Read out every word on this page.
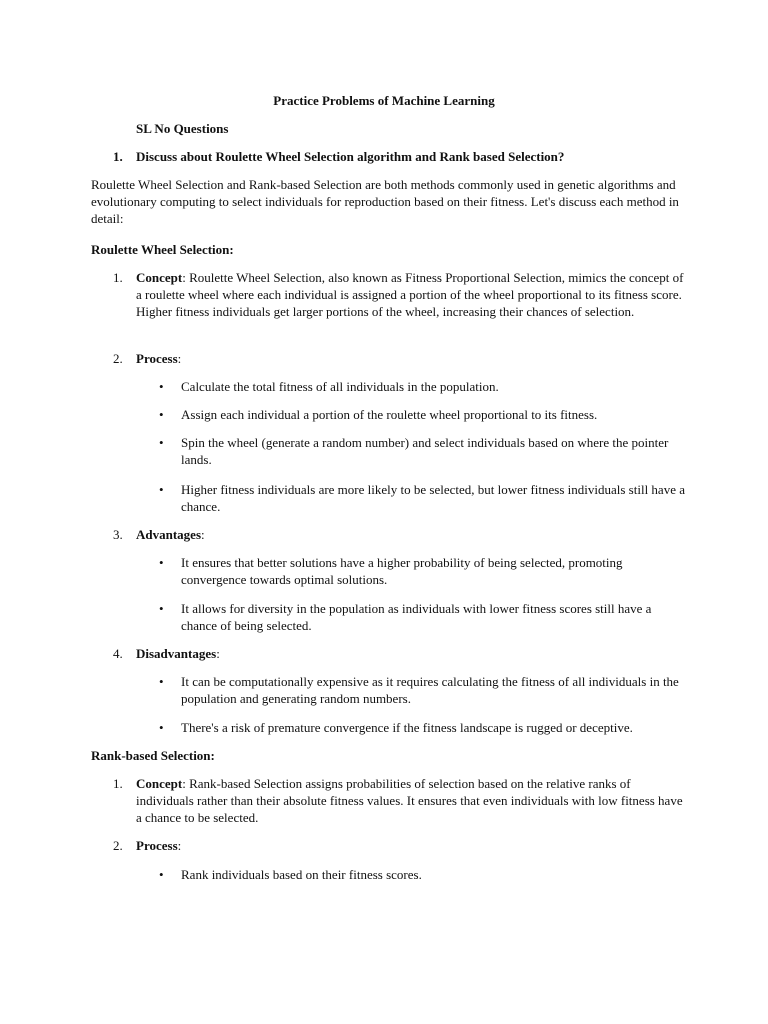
Practice Problems of Machine Learning
SL No Questions
1. Discuss about Roulette Wheel Selection algorithm and Rank based Selection?
Roulette Wheel Selection and Rank-based Selection are both methods commonly used in genetic algorithms and evolutionary computing to select individuals for reproduction based on their fitness. Let's discuss each method in detail:
Roulette Wheel Selection:
1. Concept: Roulette Wheel Selection, also known as Fitness Proportional Selection, mimics the concept of a roulette wheel where each individual is assigned a portion of the wheel proportional to its fitness score. Higher fitness individuals get larger portions of the wheel, increasing their chances of selection.
2. Process:
• Calculate the total fitness of all individuals in the population.
• Assign each individual a portion of the roulette wheel proportional to its fitness.
• Spin the wheel (generate a random number) and select individuals based on where the pointer lands.
• Higher fitness individuals are more likely to be selected, but lower fitness individuals still have a chance.
3. Advantages:
• It ensures that better solutions have a higher probability of being selected, promoting convergence towards optimal solutions.
• It allows for diversity in the population as individuals with lower fitness scores still have a chance of being selected.
4. Disadvantages:
• It can be computationally expensive as it requires calculating the fitness of all individuals in the population and generating random numbers.
• There's a risk of premature convergence if the fitness landscape is rugged or deceptive.
Rank-based Selection:
1. Concept: Rank-based Selection assigns probabilities of selection based on the relative ranks of individuals rather than their absolute fitness values. It ensures that even individuals with low fitness have a chance to be selected.
2. Process:
• Rank individuals based on their fitness scores.
